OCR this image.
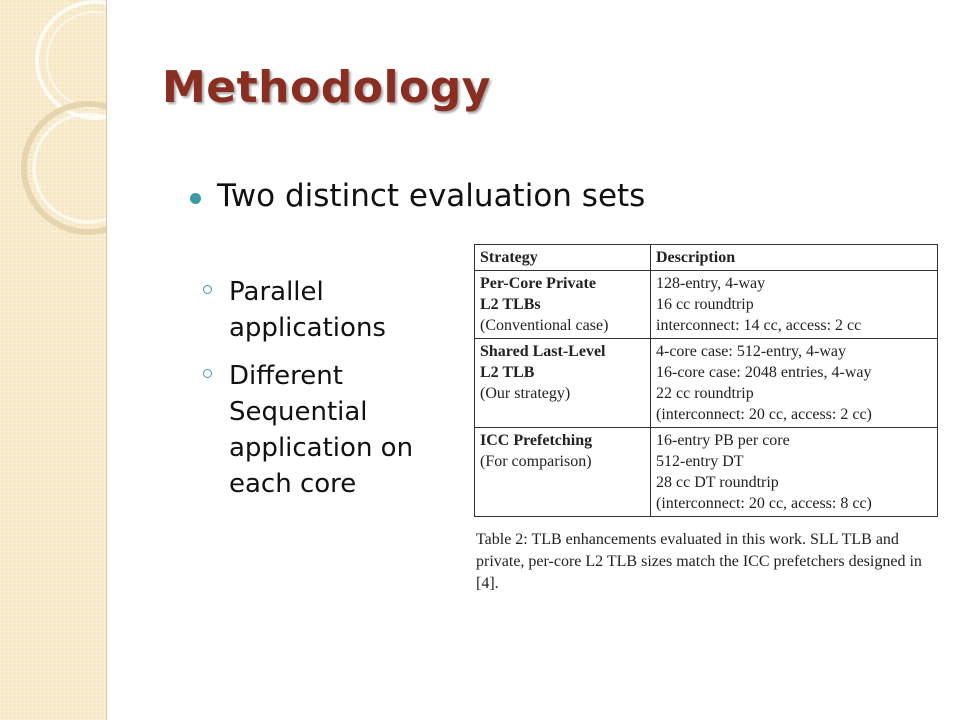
Methodology
Two distinct evaluation sets
Parallel
applications
Different
Sequential
application on
each core
Strategy	Description

Per-Core Private
L2 TLBs
(Conventional case)	128-entry, 4-way
16 cc roundtrip
interconnect: 14 cc, access: 2 cc

Shared Last-Level
L2 TLB
(Our strategy)	4-core case: 512-entry, 4-way
16-core case: 2048 entries, 4-way
22 cc roundtrip
(interconnect: 20 cc, access: 2 cc)

ICC Prefetching
(For comparison)	16-entry PB per core
512-entry DT
28 cc DT roundtrip
(interconnect: 20 cc, access: 8 cc)
Table 2: TLB enhancements evaluated in this work. SLL TLB and private, per-core L2 TLB sizes match the ICC prefetchers designed in [4].
